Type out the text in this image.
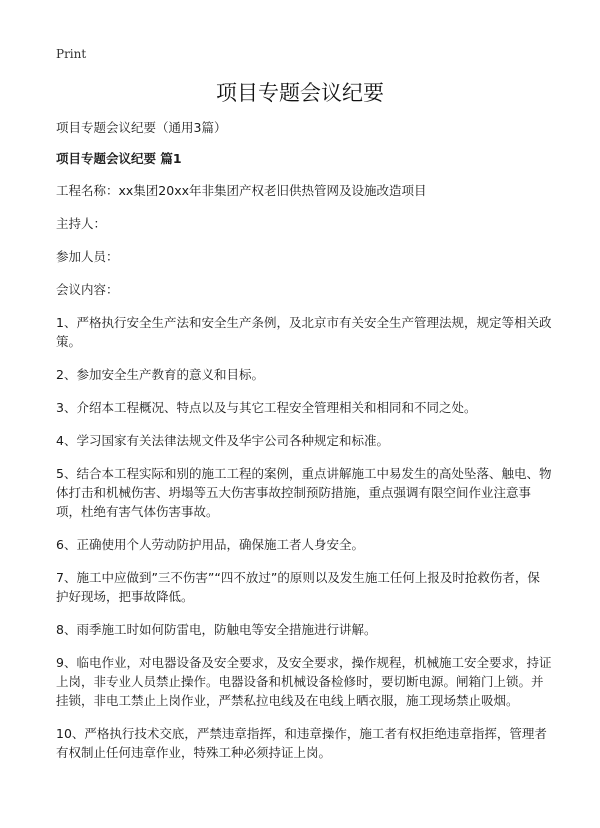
Print
项目专题会议纪要
项目专题会议纪要（通用3篇）
项目专题会议纪要 篇1

工程名称：xx集团20xx年非集团产权老旧供热管网及设施改造项目

主持人：

参加人员：

会议内容：

1、严格执行安全生产法和安全生产条例，及北京市有关安全生产管理法规，规定等相关政策。

2、参加安全生产教育的意义和目标。

3、介绍本工程概况、特点以及与其它工程安全管理相关和相同和不同之处。

4、学习国家有关法律法规文件及华宇公司各种规定和标准。

5、结合本工程实际和别的施工工程的案例，重点讲解施工中易发生的高处坠落、触电、物体打击和机械伤害、坍塌等五大伤害事故控制预防措施，重点强调有限空间作业注意事项，杜绝有害气体伤害事故。

6、正确使用个人劳动防护用品，确保施工者人身安全。

7、施工中应做到”三不伤害”“四不放过”的原则以及发生施工任何上报及时抢救伤者，保护好现场，把事故降低。

8、雨季施工时如何防雷电，防触电等安全措施进行讲解。

9、临电作业，对电器设备及安全要求，及安全要求，操作规程，机械施工安全要求，持证上岗，非专业人员禁止操作。电器设备和机械设备检修时，要切断电源。闸箱门上锁。并挂锁，非电工禁止上岗作业，严禁私拉电线及在电线上晒衣服，施工现场禁止吸烟。

10、严格执行技术交底，严禁违章指挥，和违章操作，施工者有权拒绝违章指挥，管理者有权制止任何违章作业，特殊工种必须持证上岗。
